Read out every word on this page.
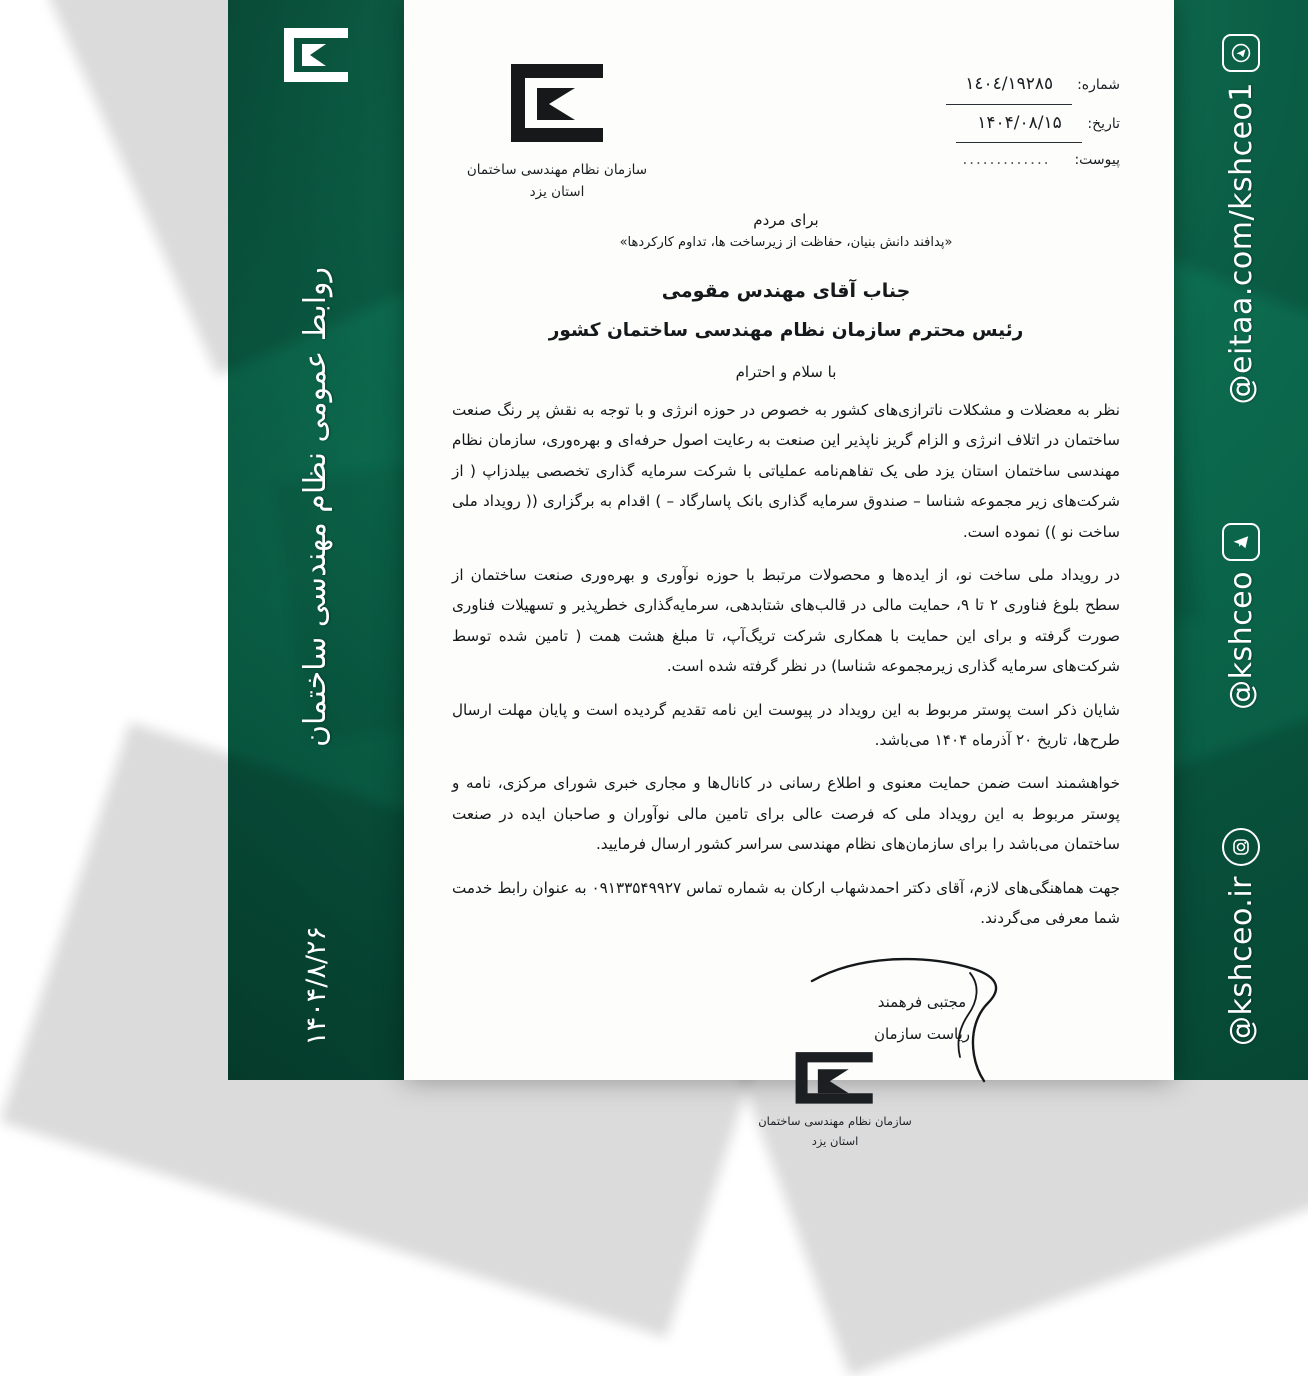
روابط عمومی نظام مهندسی ساختمان
۱۴۰۴/۸/۲۶
@eitaa.com/kshceo1
@kshceo
@kshceo.ir
شماره: ١٤٠٤/١٩٢٨٥
تاریخ: ۱۴۰۴/۰۸/۱۵
پیوست: .............
سازمان نظام مهندسی ساختمان
استان یزد
برای مردم
«پدافند دانش بنیان، حفاظت از زیرساخت ها، تداوم کارکردها»
جناب آقای مهندس مقومی
رئیس محترم سازمان نظام مهندسی ساختمان کشور
با سلام و احترام

نظر به معضلات و مشکلات ناترازی‌های کشور به خصوص در حوزه انرژی و با توجه به نقش پر رنگ صنعت ساختمان در اتلاف انرژی و الزام گریز ناپذیر این صنعت به رعایت اصول حرفه‌ای و بهره‌وری، سازمان نظام مهندسی ساختمان استان یزد طی یک تفاهم‌نامه عملیاتی با شرکت سرمایه گذاری تخصصی بیلدزاپ ( از شرکت‌های زیر مجموعه شناسا – صندوق سرمایه گذاری بانک پاسارگاد – ) اقدام به برگزاری (( رویداد ملی ساخت نو )) نموده است.

در رویداد ملی ساخت نو، از ایده‌ها و محصولات مرتبط با حوزه نوآوری و بهره‌وری صنعت ساختمان از سطح بلوغ فناوری ۲ تا ۹، حمایت مالی در قالب‌های شتابدهی، سرمایه‌گذاری خطرپذیر و تسهیلات فناوری صورت گرفته و برای این حمایت با همکاری شرکت تریگ‌آپ، تا مبلغ هشت همت ( تامین شده توسط شرکت‌های سرمایه گذاری زیرمجموعه شناسا) در نظر گرفته شده است.

شایان ذکر است پوستر مربوط به این رویداد در پیوست این نامه تقدیم گردیده است و پایان مهلت ارسال طرح‌ها، تاریخ ۲۰ آذرماه ۱۴۰۴ می‌باشد.

خواهشمند است ضمن حمایت معنوی و اطلاع رسانی در کانال‌ها و مجاری خبری شورای مرکزی، نامه و پوستر مربوط به این رویداد ملی که فرصت عالی برای تامین مالی نوآوران و صاحبان ایده در صنعت ساختمان می‌باشد را برای سازمان‌های نظام مهندسی سراسر کشور ارسال فرمایید.

جهت هماهنگی‌های لازم، آقای دکتر احمدشهاب ارکان به شماره تماس ۰۹۱۳۳۵۴۹۹۲۷ به عنوان رابط خدمت شما معرفی می‌گردند.

مجتبی فرهمند
ریاست سازمان
سازمان نظام مهندسی ساختمان
استان یزد
